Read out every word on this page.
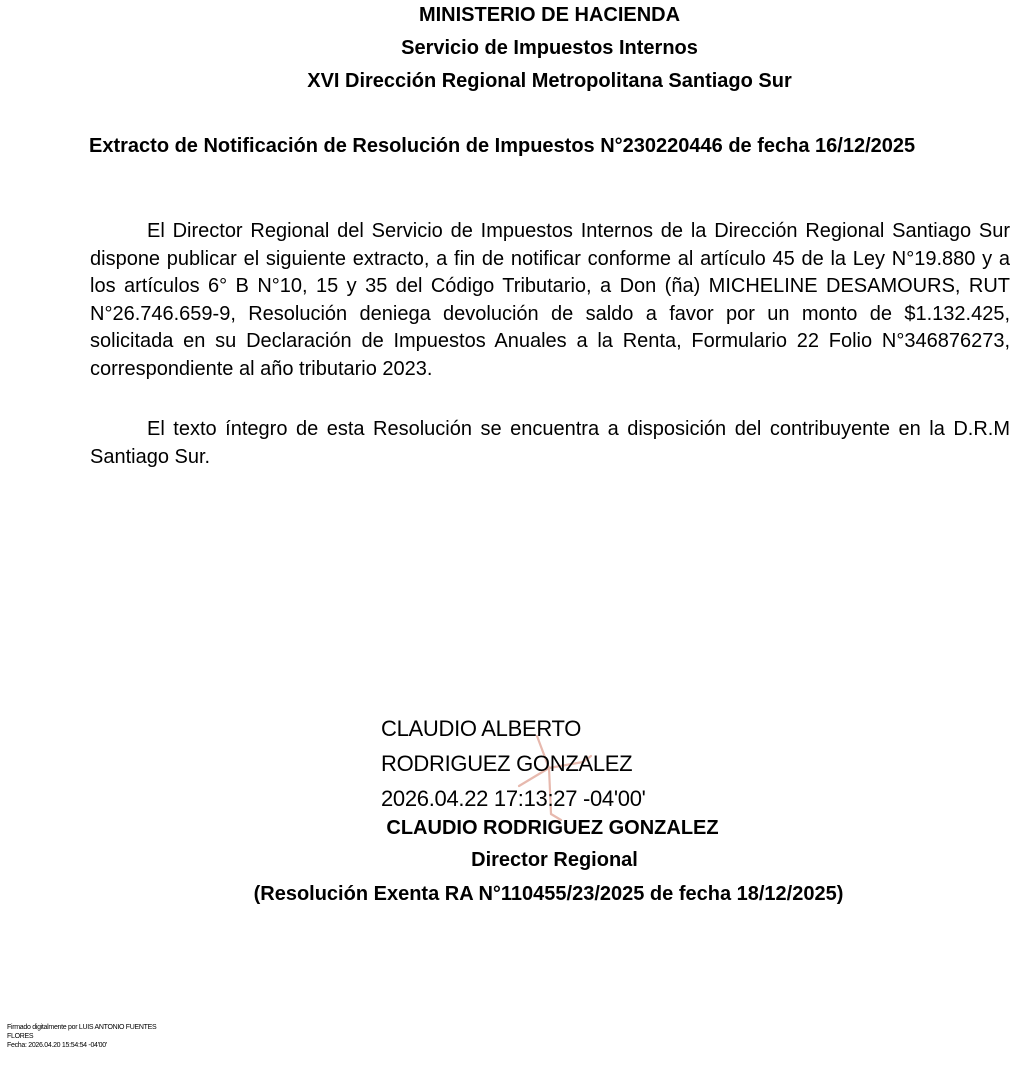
MINISTERIO DE HACIENDA
Servicio de Impuestos Internos
XVI Dirección Regional Metropolitana Santiago Sur
Extracto de Notificación de Resolución de Impuestos N°230220446 de fecha 16/12/2025

El Director Regional del Servicio de Impuestos Internos de la Dirección Regional Santiago Sur dispone publicar el siguiente extracto, a fin de notificar conforme al artículo 45 de la Ley N°19.880 y a los artículos 6° B N°10, 15 y 35 del Código Tributario, a Don (ña) MICHELINE DESAMOURS, RUT N°26.746.659-9, Resolución deniega devolución de saldo a favor por un monto de $1.132.425, solicitada en su Declaración de Impuestos Anuales a la Renta, Formulario 22 Folio N°346876273, correspondiente al año tributario 2023.

El texto íntegro de esta Resolución se encuentra a disposición del contribuyente en la D.R.M Santiago Sur.

CLAUDIO ALBERTO
RODRIGUEZ GONZALEZ
2026.04.22 17:13:27 -04'00'
CLAUDIO RODRIGUEZ GONZALEZ
Director Regional
(Resolución Exenta RA N°110455/23/2025 de fecha 18/12/2025)
Firmado digitalmente por LUIS ANTONIO FUENTES
FLORES
Fecha: 2026.04.20 15:54:54 -04'00'
